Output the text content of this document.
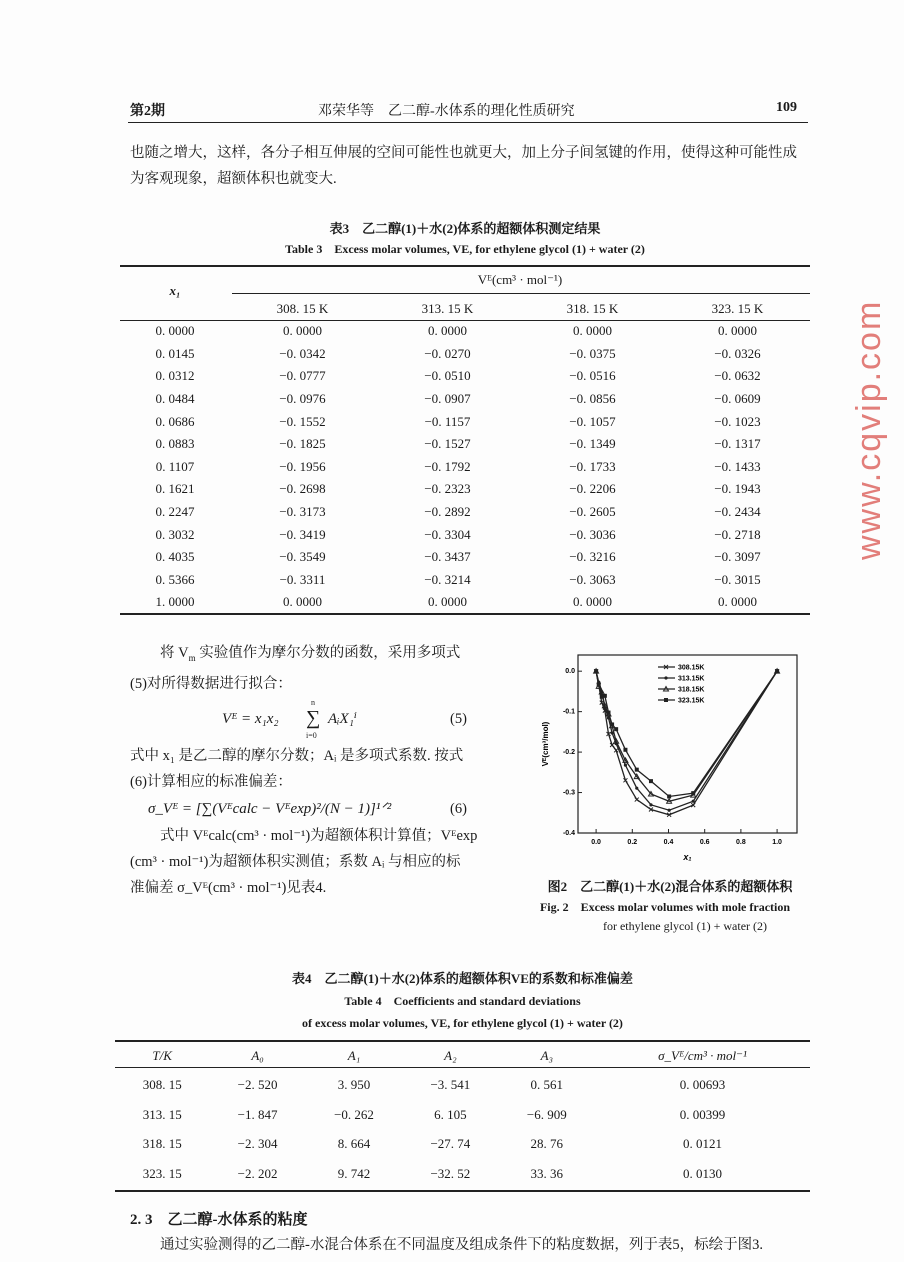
第2期	邓荣华等　乙二醇-水体系的理化性质研究	109
也随之增大，这样，各分子相互伸展的空间可能性也就更大，加上分子间氢键的作用，使得这种可能性成
为客观现象，超额体积也就变大.
表3　乙二醇(1)＋水(2)体系的超额体积测定结果
Table 3　Excess molar volumes, VE, for ethylene glycol (1) + water (2)
x₁
Vᴱ(cm³ · mol⁻¹)
	308. 15 K	313. 15 K	318. 15 K	323. 15 K
0. 0000	0. 0000	0. 0000	0. 0000	0. 0000
0. 0145	−0. 0342	−0. 0270	−0. 0375	−0. 0326
0. 0312	−0. 0777	−0. 0510	−0. 0516	−0. 0632
0. 0484	−0. 0976	−0. 0907	−0. 0856	−0. 0609
0. 0686	−0. 1552	−0. 1157	−0. 1057	−0. 1023
0. 0883	−0. 1825	−0. 1527	−0. 1349	−0. 1317
0. 1107	−0. 1956	−0. 1792	−0. 1733	−0. 1433
0. 1621	−0. 2698	−0. 2323	−0. 2206	−0. 1943
0. 2247	−0. 3173	−0. 2892	−0. 2605	−0. 2434
0. 3032	−0. 3419	−0. 3304	−0. 3036	−0. 2718
0. 4035	−0. 3549	−0. 3437	−0. 3216	−0. 3097
0. 5366	−0. 3311	−0. 3214	−0. 3063	−0. 3015
1. 0000	0. 0000	0. 0000	0. 0000	0. 0000
将 $V_m$ 实验值作为摩尔分数的函数，采用多项式
(5)对所得数据进行拟合：
Vᴱ = x₁x₂ ∑
n
i=0
AᵢX₁ⁱ	(5)
式中 x₁ 是乙二醇的摩尔分数；Aᵢ 是多项式系数. 按式
(6)计算相应的标准偏差：
σ_Vᴱ = [∑(Vᴱcalc − Vᴱexp)²/(N − 1)]¹ᐟ²	(6)
式中 Vᴱcalc(cm³ · mol⁻¹)为超额体积计算值；Vᴱexp
(cm³ · mol⁻¹)为超额体积实测值；系数 Aᵢ 与相应的标
准偏差 σ_Vᴱ(cm³ · mol⁻¹)见表4.
0.0	0.2	0.4	0.6	0.8	1.0
0.0
-0.1
-0.2
-0.3
-0.4
x₁
Vᴱ(cm³/mol)
308.15K
313.15K
318.15K
323.15K
图2　乙二醇(1)＋水(2)混合体系的超额体积
Fig. 2　Excess molar volumes with mole fraction
for ethylene glycol (1) + water (2)
表4　乙二醇(1)＋水(2)体系的超额体积VE的系数和标准偏差
Table 4　Coefficients and standard deviations
of excess molar volumes, VE, for ethylene glycol (1) + water (2)
T/K	A₀	A₁	A₂	A₃	σ_Vᴱ/cm³ · mol⁻¹
308. 15	−2. 520	3. 950	−3. 541	0. 561	0. 00693
313. 15	−1. 847	−0. 262	6. 105	−6. 909	0. 00399
318. 15	−2. 304	8. 664	−27. 74	28. 76	0. 0121
323. 15	−2. 202	9. 742	−32. 52	33. 36	0. 0130
2. 3　乙二醇-水体系的粘度
通过实验测得的乙二醇-水混合体系在不同温度及组成条件下的粘度数据，列于表5，标绘于图3.
www.cqvip.com
